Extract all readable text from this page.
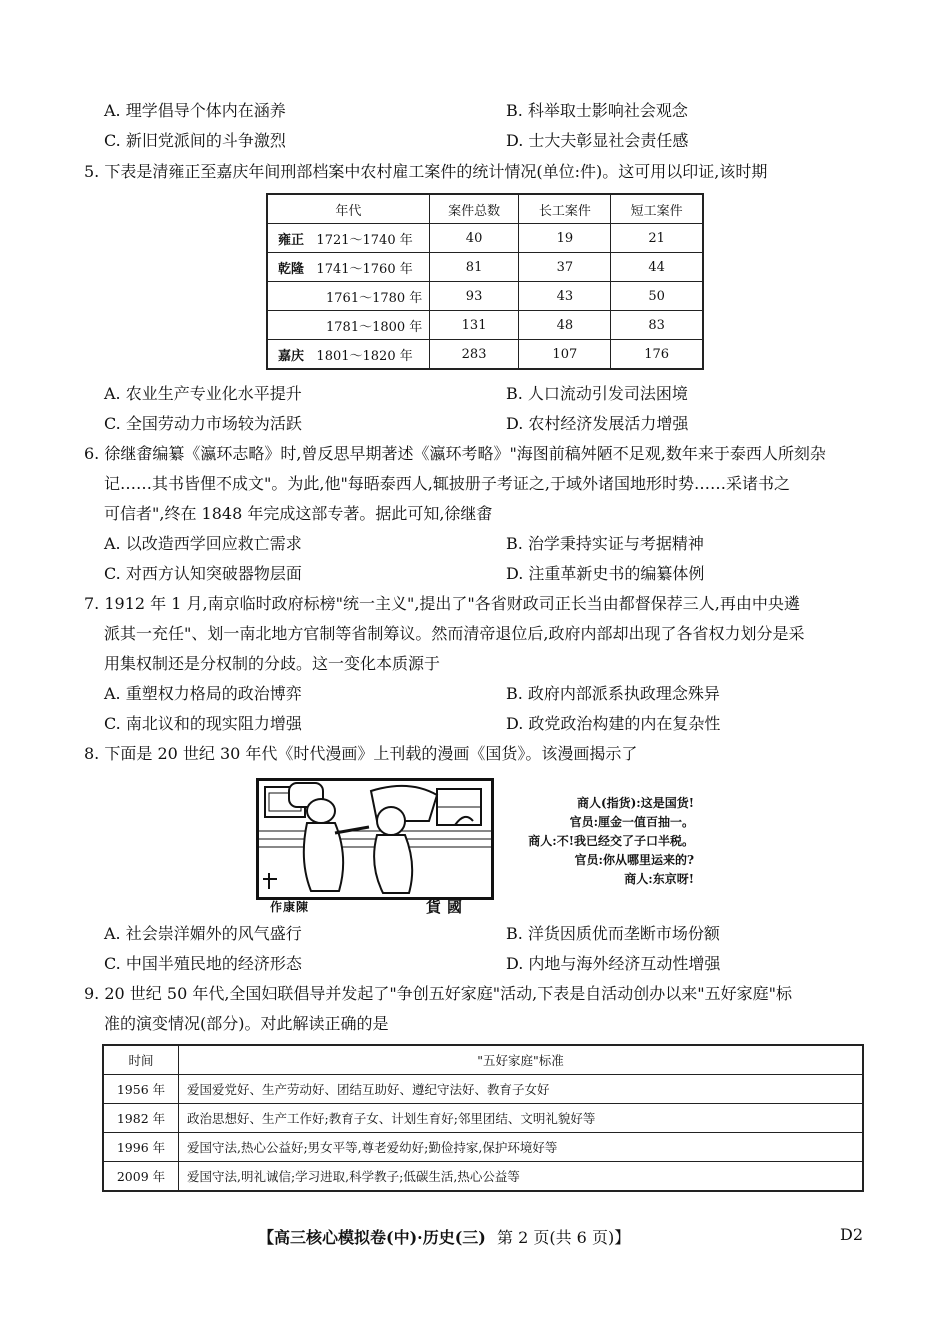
A. 理学倡导个体内在涵养	B. 科举取士影响社会观念
C. 新旧党派间的斗争激烈	D. 士大夫彰显社会责任感
5. 下表是清雍正至嘉庆年间刑部档案中农村雇工案件的统计情况(单位:件)。这可用以印证,该时期
年代	案件总数	长工案件	短工案件
雍正 1721～1740 年	40	19	21
乾隆 1741～1760 年	81	37	44
1761～1780 年	93	43	50
1781～1800 年	131	48	83
嘉庆 1801～1820 年	283	107	176
A. 农业生产专业化水平提升	B. 人口流动引发司法困境
C. 全国劳动力市场较为活跃	D. 农村经济发展活力增强
6. 徐继畬编纂《瀛环志略》时,曾反思早期著述《瀛环考略》"海图前稿舛陋不足观,数年来于泰西人所刻杂
记……其书皆俚不成文"。为此,他"每晤泰西人,辄披册子考证之,于域外诸国地形时势……采诸书之
可信者",终在 1848 年完成这部专著。据此可知,徐继畬
A. 以改造西学回应救亡需求	B. 治学秉持实证与考据精神
C. 对西方认知突破器物层面	D. 注重革新史书的编纂体例
7. 1912 年 1 月,南京临时政府标榜"统一主义",提出了"各省财政司正长当由都督保荐三人,再由中央遴
派其一充任"、划一南北地方官制等省制筹议。然而清帝退位后,政府内部却出现了各省权力划分是采
用集权制还是分权制的分歧。这一变化本质源于
A. 重塑权力格局的政治博弈	B. 政府内部派系执政理念殊异
C. 南北议和的现实阻力增强	D. 政党政治构建的内在复杂性
8. 下面是 20 世纪 30 年代《时代漫画》上刊载的漫画《国货》。该漫画揭示了
作康陳	貨國
商人(指货):这是国货!
官员:厘金一值百抽一。
商人:不!我已经交了子口半税。
官员:你从哪里运来的?
商人:东京呀!
A. 社会崇洋媚外的风气盛行	B. 洋货因质优而垄断市场份额
C. 中国半殖民地的经济形态	D. 内地与海外经济互动性增强
9. 20 世纪 50 年代,全国妇联倡导并发起了"争创五好家庭"活动,下表是自活动创办以来"五好家庭"标
准的演变情况(部分)。对此解读正确的是
时间	"五好家庭"标准
1956 年	爱国爱党好、生产劳动好、团结互助好、遵纪守法好、教育子女好
1982 年	政治思想好、生产工作好;教育子女、计划生育好;邻里团结、文明礼貌好等
1996 年	爱国守法,热心公益好;男女平等,尊老爱幼好;勤俭持家,保护环境好等
2009 年	爱国守法,明礼诚信;学习进取,科学教子;低碳生活,热心公益等
【高三核心模拟卷(中)·历史(三) 第 2 页(共 6 页)】	D2
